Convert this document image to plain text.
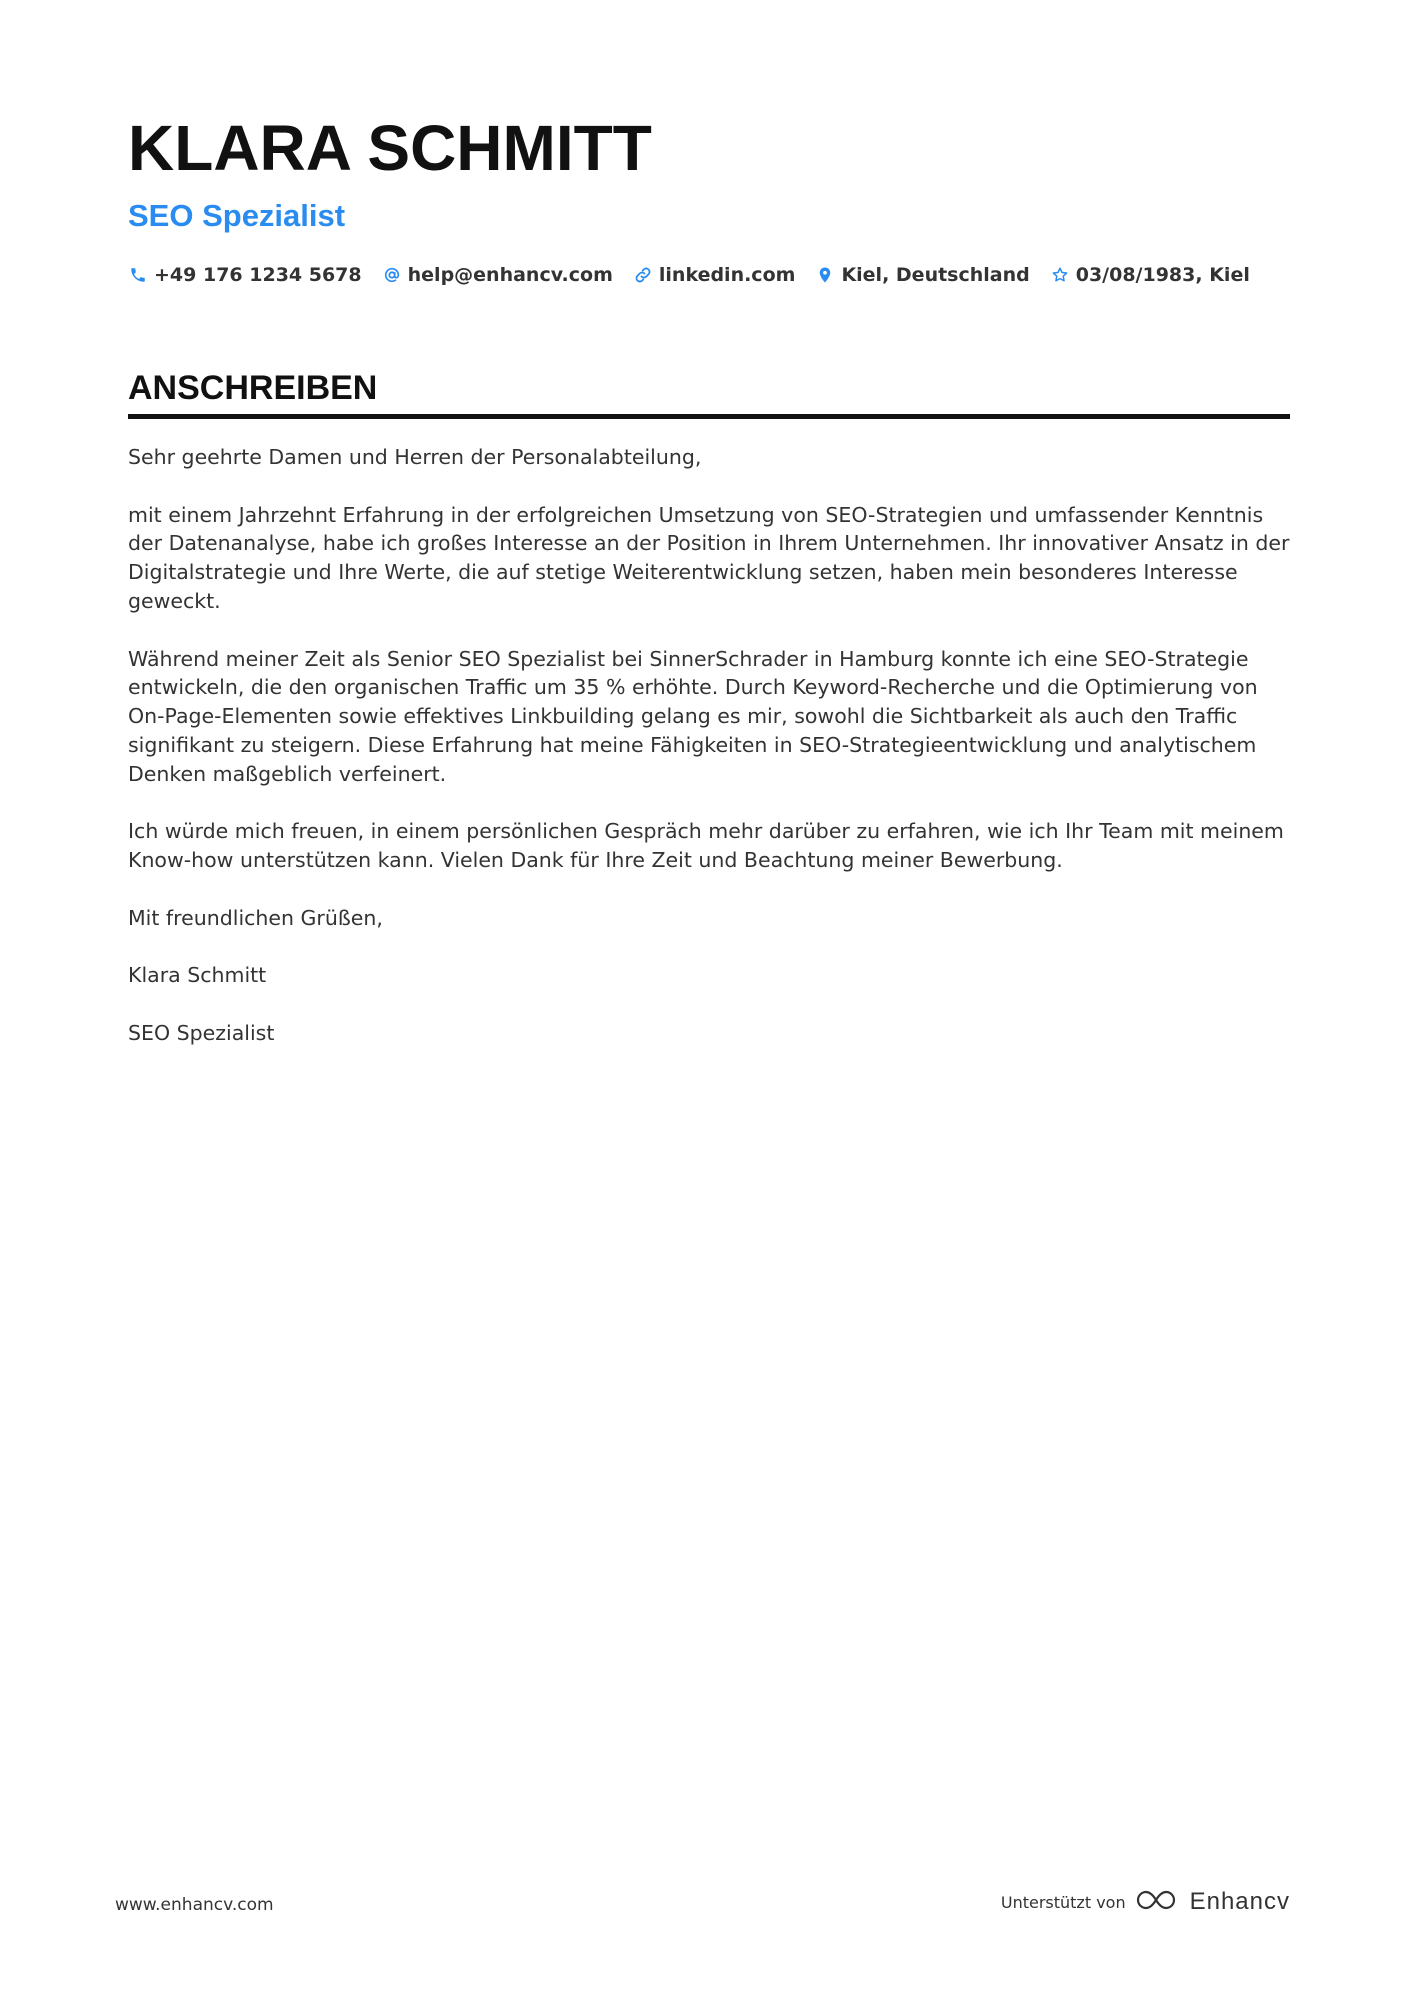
KLARA SCHMITT
SEO Spezialist
+49 176 1234 5678 help@enhancv.com linkedin.com Kiel, Deutschland 03/08/1983, Kiel
ANSCHREIBEN

Sehr geehrte Damen und Herren der Personalabteilung,

mit einem Jahrzehnt Erfahrung in der erfolgreichen Umsetzung von SEO-Strategien und umfassender Kenntnis der Datenanalyse, habe ich großes Interesse an der Position in Ihrem Unternehmen. Ihr innovativer Ansatz in der Digitalstrategie und Ihre Werte, die auf stetige Weiterentwicklung setzen, haben mein besonderes Interesse geweckt.

Während meiner Zeit als Senior SEO Spezialist bei SinnerSchrader in Hamburg konnte ich eine SEO-Strategie entwickeln, die den organischen Traffic um 35 % erhöhte. Durch Keyword-Recherche und die Optimierung von On-Page-Elementen sowie effektives Linkbuilding gelang es mir, sowohl die Sichtbarkeit als auch den Traffic signifikant zu steigern. Diese Erfahrung hat meine Fähigkeiten in SEO-Strategieentwicklung und analytischem Denken maßgeblich verfeinert.

Ich würde mich freuen, in einem persönlichen Gespräch mehr darüber zu erfahren, wie ich Ihr Team mit meinem Know-how unterstützen kann. Vielen Dank für Ihre Zeit und Beachtung meiner Bewerbung.

Mit freundlichen Grüßen,

Klara Schmitt

SEO Spezialist

www.enhancv.com	Unterstützt von	Enhancv
